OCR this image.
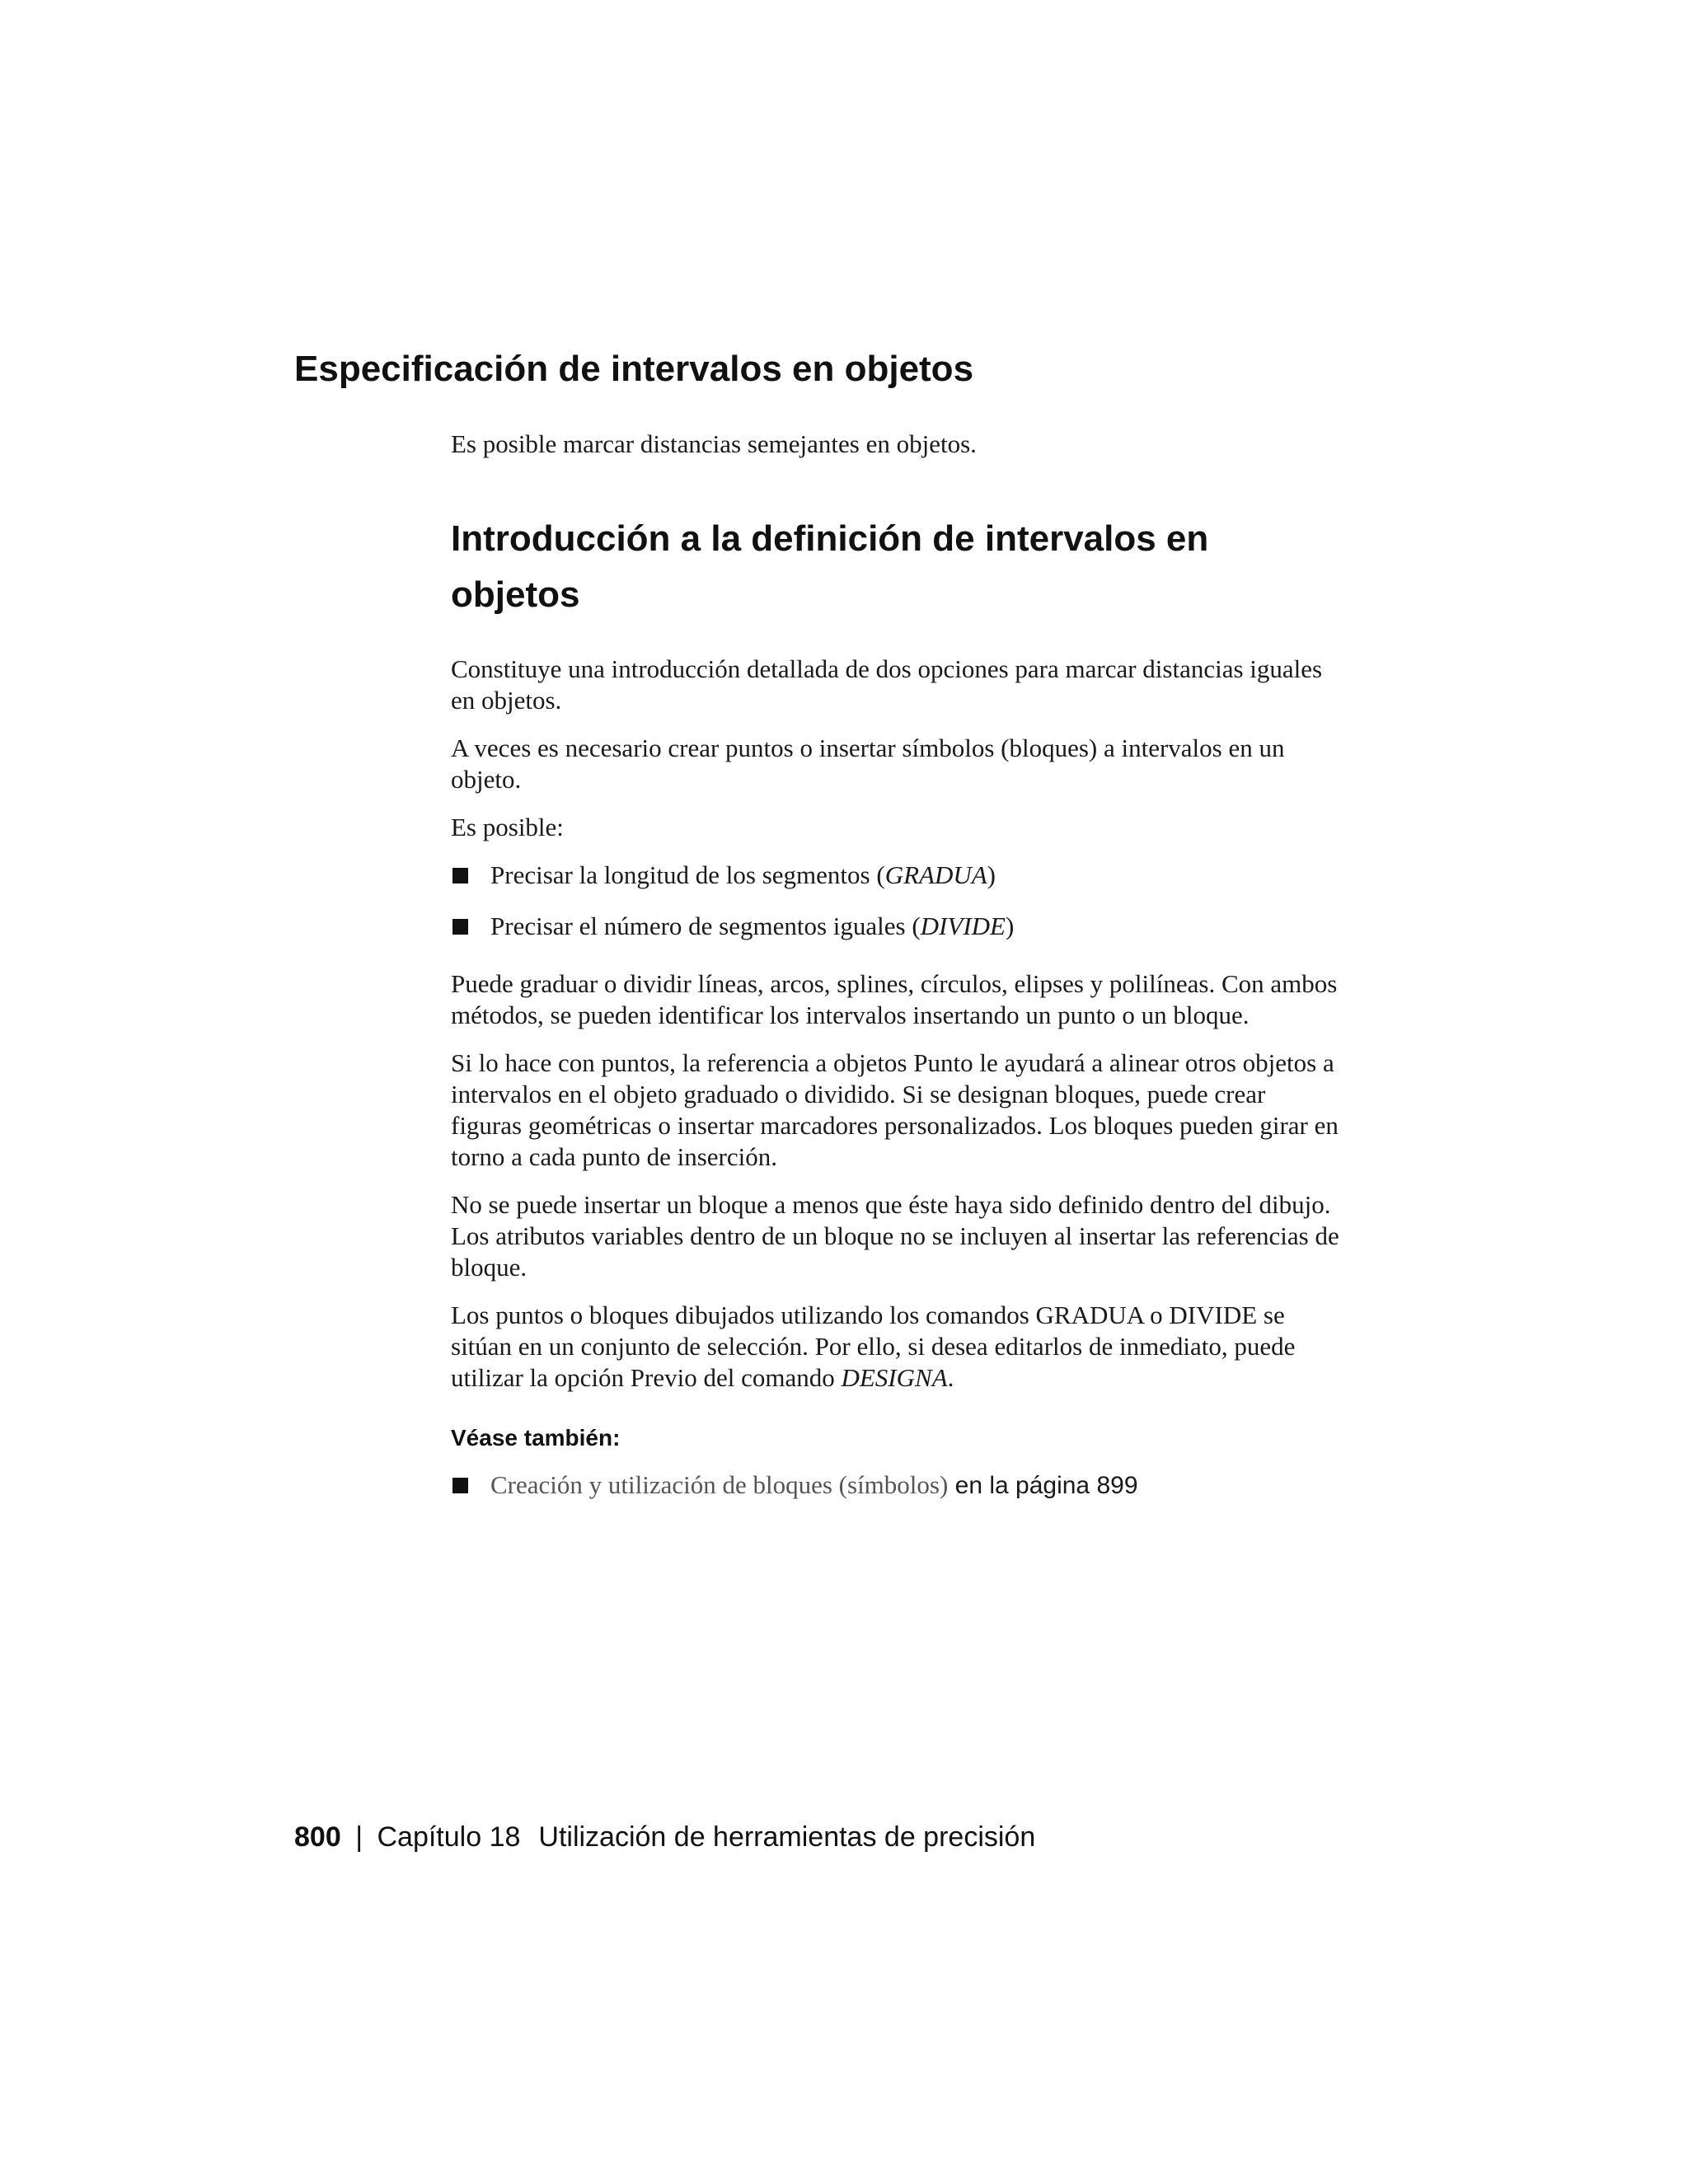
Especificación de intervalos en objetos
Es posible marcar distancias semejantes en objetos.
Introducción a la definición de intervalos en objetos

Constituye una introducción detallada de dos opciones para marcar distancias iguales en objetos.

A veces es necesario crear puntos o insertar símbolos (bloques) a intervalos en un objeto.

Es posible:

Precisar la longitud de los segmentos (GRADUA)
Precisar el número de segmentos iguales (DIVIDE)

Puede graduar o dividir líneas, arcos, splines, círculos, elipses y polilíneas. Con ambos métodos, se pueden identificar los intervalos insertando un punto o un bloque.

Si lo hace con puntos, la referencia a objetos Punto le ayudará a alinear otros objetos a intervalos en el objeto graduado o dividido. Si se designan bloques, puede crear figuras geométricas o insertar marcadores personalizados. Los bloques pueden girar en torno a cada punto de inserción.

No se puede insertar un bloque a menos que éste haya sido definido dentro del dibujo. Los atributos variables dentro de un bloque no se incluyen al insertar las referencias de bloque.

Los puntos o bloques dibujados utilizando los comandos GRADUA o DIVIDE se sitúan en un conjunto de selección. Por ello, si desea editarlos de inmediato, puede utilizar la opción Previo del comando DESIGNA.

Véase también:
Creación y utilización de bloques (símbolos) en la página 899
800 | Capítulo 18 Utilización de herramientas de precisión
